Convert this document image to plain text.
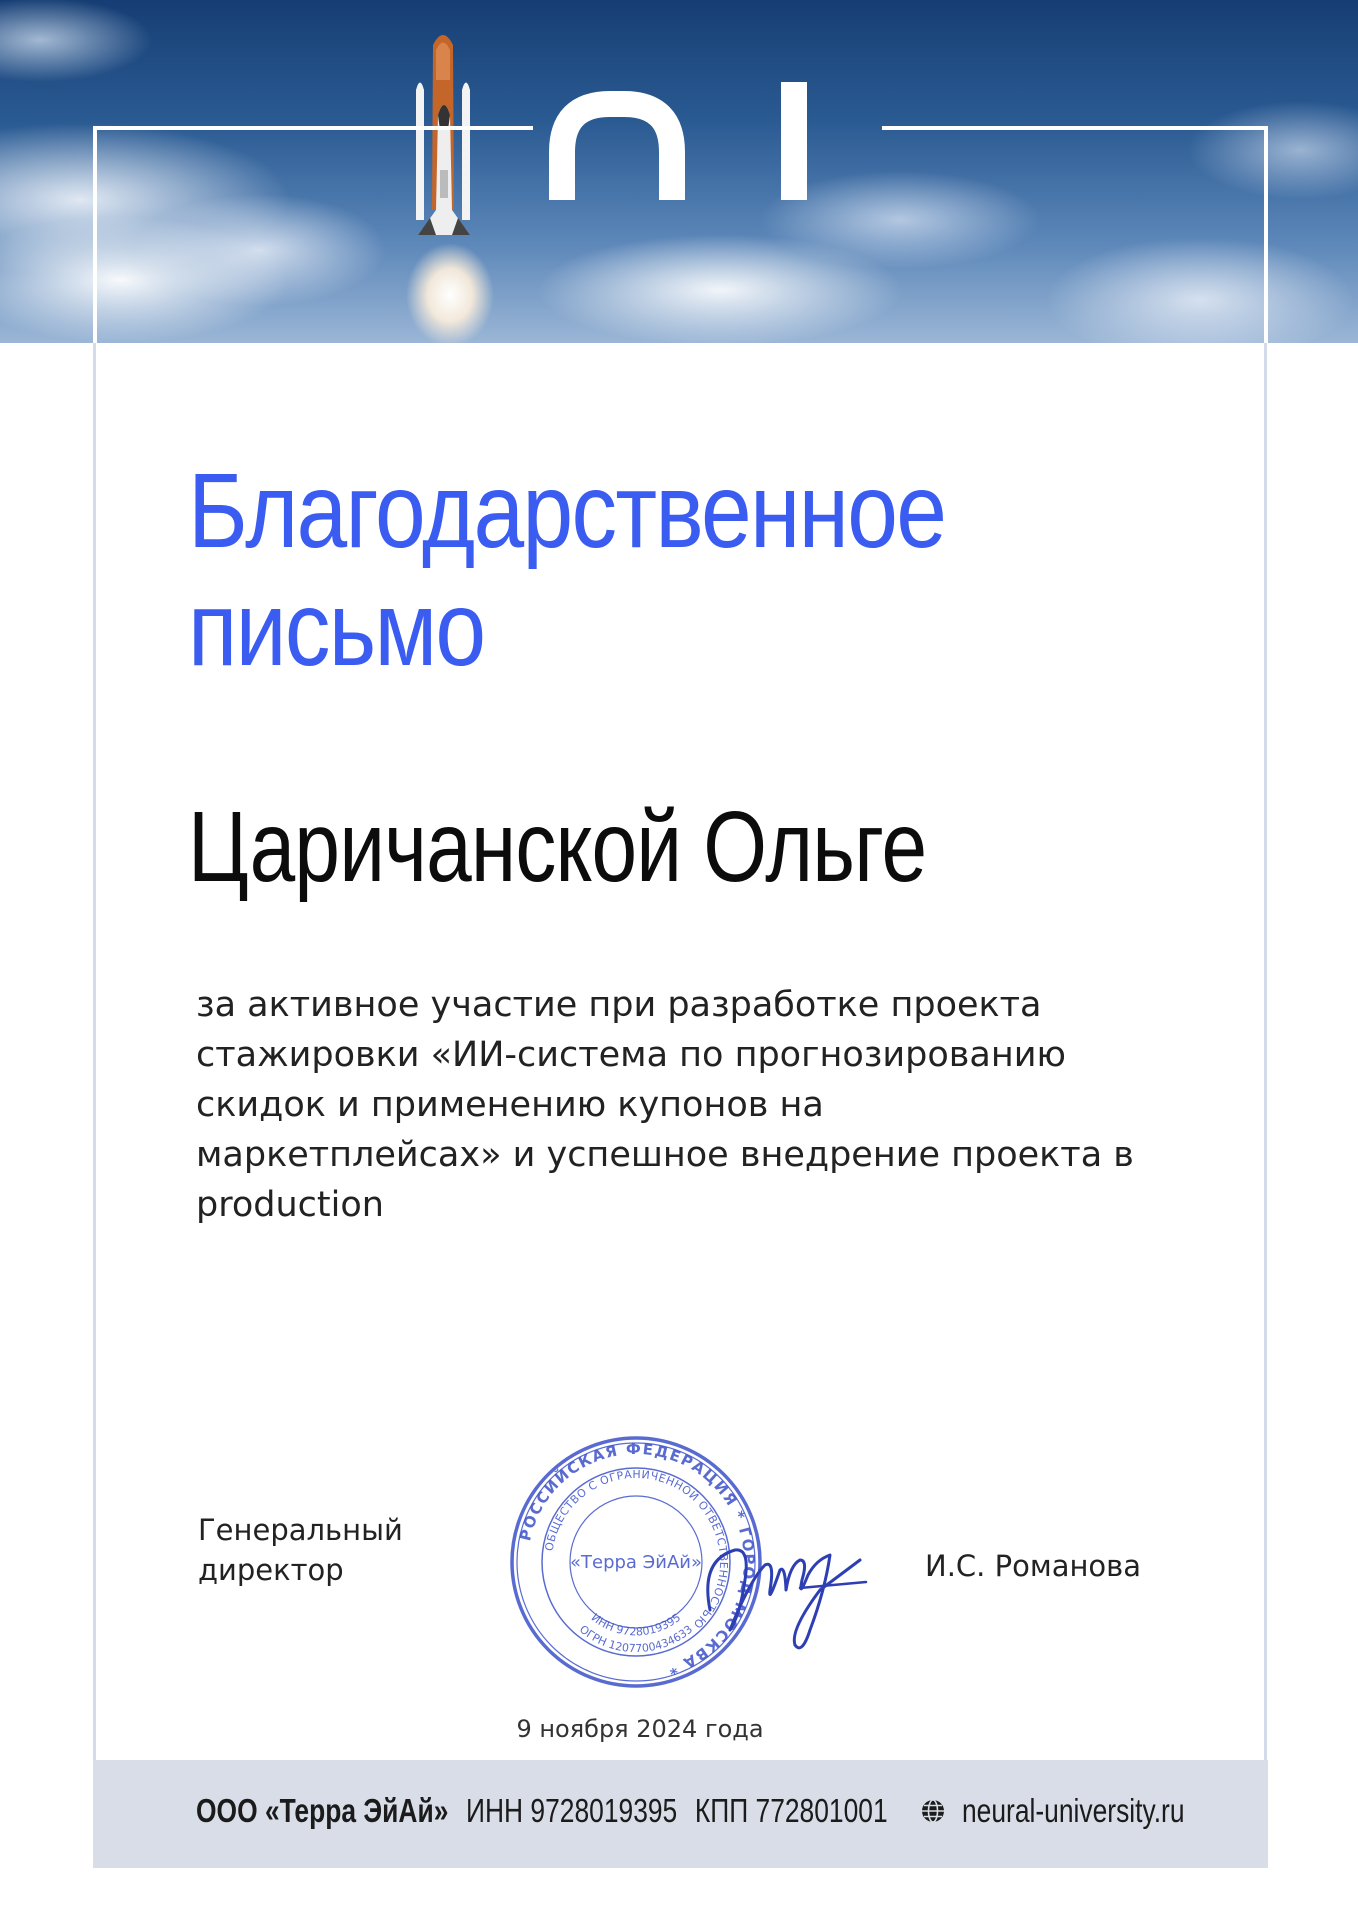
Благодарственное
письмо
Царичанской Ольге
за активное участие при разработке проекта
стажировки «ИИ-система по прогнозированию
скидок и применению купонов на
маркетплейсах» и успешное внедрение проекта в
production
Генеральный
директор
РОССИЙСКАЯ ФЕДЕРАЦИЯ * ГОРОД МОСКВА *
ОБЩЕСТВО С ОГРАНИЧЕННОЙ ОТВЕТСТВЕННОСТЬЮ
«Терра ЭйАй»
ИНН 9728019395
ОГРН 1207700434633
И.С. Романова
9 ноября 2024 года
ООО «Терра ЭйАй» ИНН 9728019395 КПП 772801001 neural-university.ru
